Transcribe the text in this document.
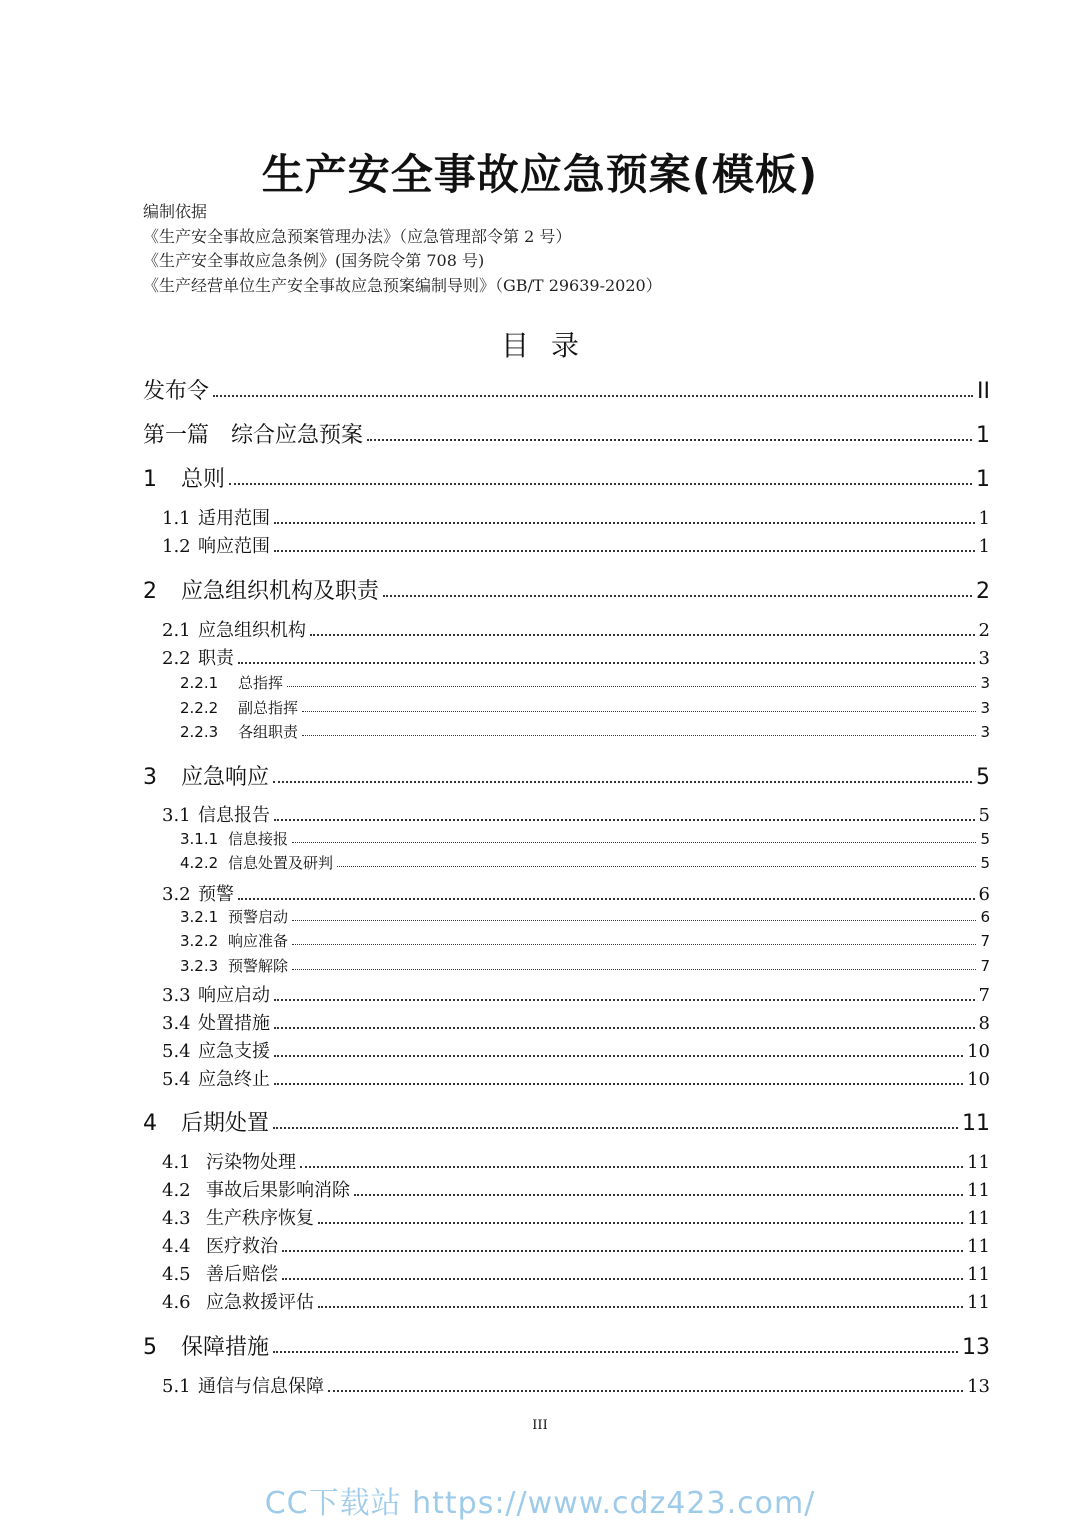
生产安全事故应急预案(模板)
编制依据
《生产安全事故应急预案管理办法》（应急管理部令第 2 号）
《生产安全事故应急条例》(国务院令第 708 号)
《生产经营单位生产安全事故应急预案编制导则》（GB/T 29639-2020）
目录
发布令	II
第一篇　综合应急预案	1
1	总则	1
1.1 适用范围	1
1.2 响应范围	1
2	应急组织机构及职责	2
2.1 应急组织机构	2
2.2 职责	3
2.2.1	总指挥	3
2.2.2	副总指挥	3
2.2.3	各组职责	3
3	应急响应	5
3.1 信息报告	5
3.1.1 信息接报	5
4.2.2 信息处置及研判	5
3.2 预警	6
3.2.1 预警启动	6
3.2.2 响应准备	7
3.2.3 预警解除	7
3.3 响应启动	7
3.4 处置措施	8
5.4 应急支援	10
5.4 应急终止	10
4	后期处置	11
4.1 污染物处理	11
4.2 事故后果影响消除	11
4.3 生产秩序恢复	11
4.4 医疗救治	11
4.5 善后赔偿	11
4.6 应急救援评估	11
5	保障措施	13
5.1 通信与信息保障	13
III
CC下载站 https://www.cdz423.com/
